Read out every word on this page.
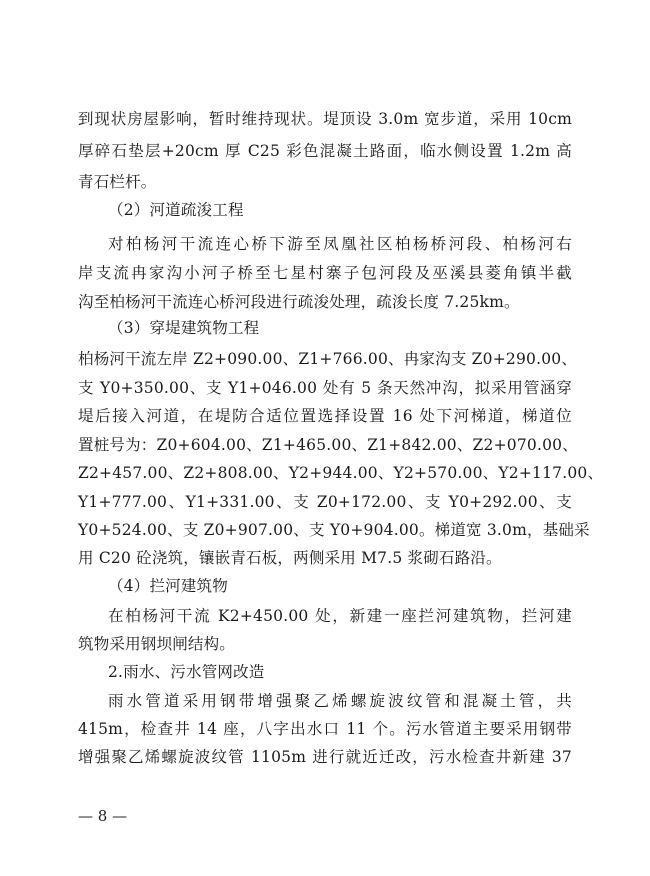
到现状房屋影响，暂时维持现状。堤顶设 3.0m 宽步道，采用 10cm
厚碎石垫层+20cm 厚 C25 彩色混凝土路面，临水侧设置 1.2m 高
青石栏杆。
（2）河道疏浚工程
对柏杨河干流连心桥下游至凤凰社区柏杨桥河段、柏杨河右
岸支流冉家沟小河子桥至七星村寨子包河段及巫溪县菱角镇半截
沟至柏杨河干流连心桥河段进行疏浚处理，疏浚长度 7.25km。
（3）穿堤建筑物工程
柏杨河干流左岸 Z2+090.00、Z1+766.00、冉家沟支 Z0+290.00、
支 Y0+350.00、支 Y1+046.00 处有 5 条天然冲沟，拟采用管涵穿
堤后接入河道，在堤防合适位置选择设置 16 处下河梯道，梯道位
置桩号为：Z0+604.00、Z1+465.00、Z1+842.00、Z2+070.00、
Z2+457.00、Z2+808.00、Y2+944.00、Y2+570.00、Y2+117.00、
Y1+777.00、Y1+331.00、支 Z0+172.00、支 Y0+292.00、支
Y0+524.00、支 Z0+907.00、支 Y0+904.00。梯道宽 3.0m，基础采
用 C20 砼浇筑，镶嵌青石板，两侧采用 M7.5 浆砌石路沿。
（4）拦河建筑物
在柏杨河干流 K2+450.00 处，新建一座拦河建筑物，拦河建
筑物采用钢坝闸结构。
2.雨水、污水管网改造
雨水管道采用钢带增强聚乙烯螺旋波纹管和混凝土管，共
415m，检查井 14 座，八字出水口 11 个。污水管道主要采用钢带
增强聚乙烯螺旋波纹管 1105m 进行就近迁改，污水检查井新建 37
— 8 —
